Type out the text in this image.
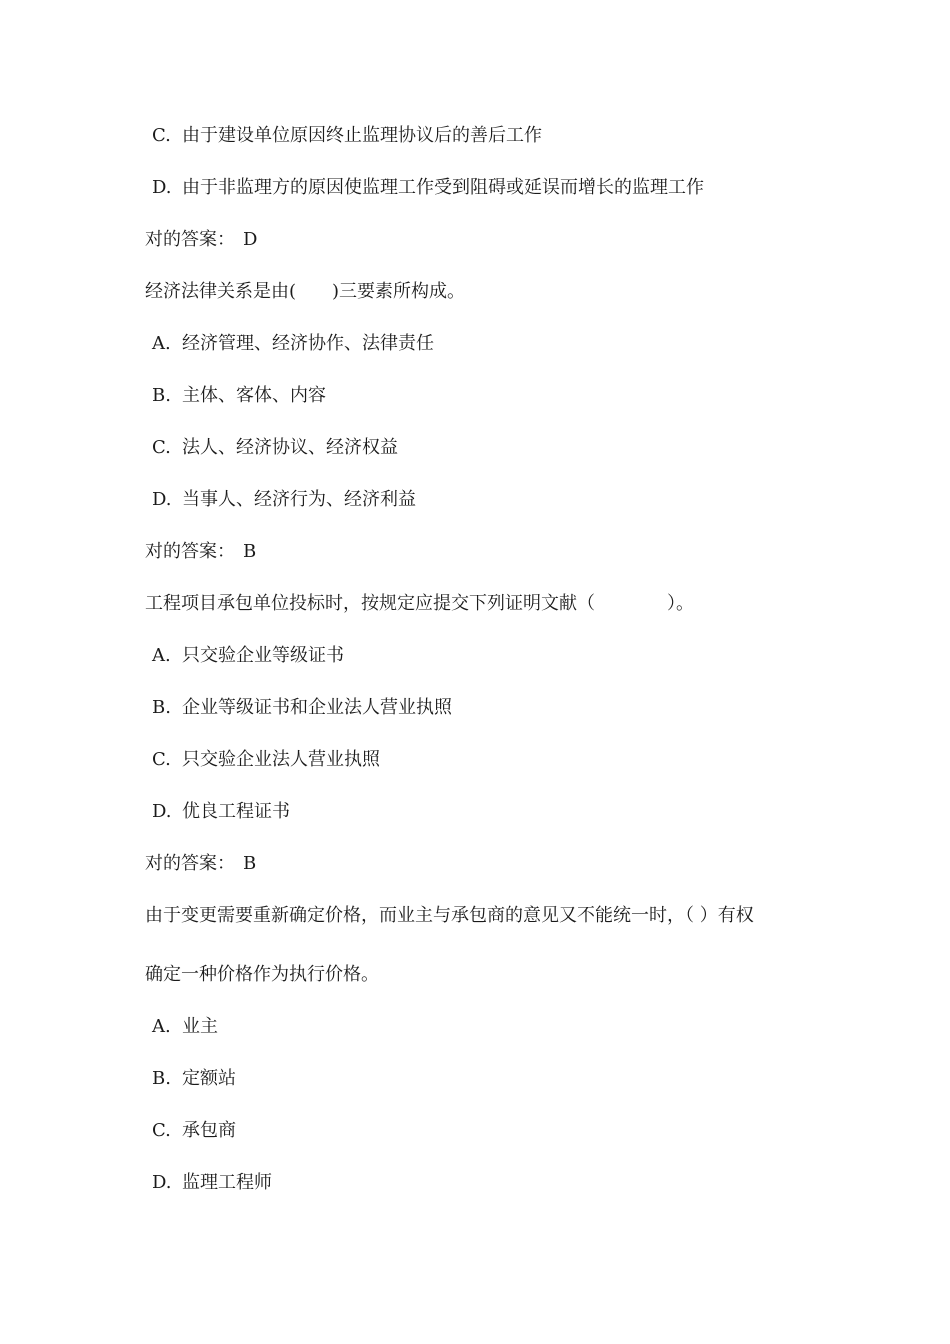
C. 由于建设单位原因终止监理协议后的善后工作
D. 由于非监理方的原因使监理工作受到阻碍或延误而增长的监理工作
对的答案： D
经济法律关系是由(　　)三要素所构成。
A. 经济管理、经济协作、法律责任
B. 主体、客体、内容
C. 法人、经济协议、经济权益
D. 当事人、经济行为、经济利益
对的答案： B
工程项目承包单位投标时，按规定应提交下列证明文献（　　　　）。
A. 只交验企业等级证书
B. 企业等级证书和企业法人营业执照
C. 只交验企业法人营业执照
D. 优良工程证书
对的答案： B
由于变更需要重新确定价格，而业主与承包商的意见又不能统一时，（ ）有权
确定一种价格作为执行价格。
A. 业主
B. 定额站
C. 承包商
D. 监理工程师
